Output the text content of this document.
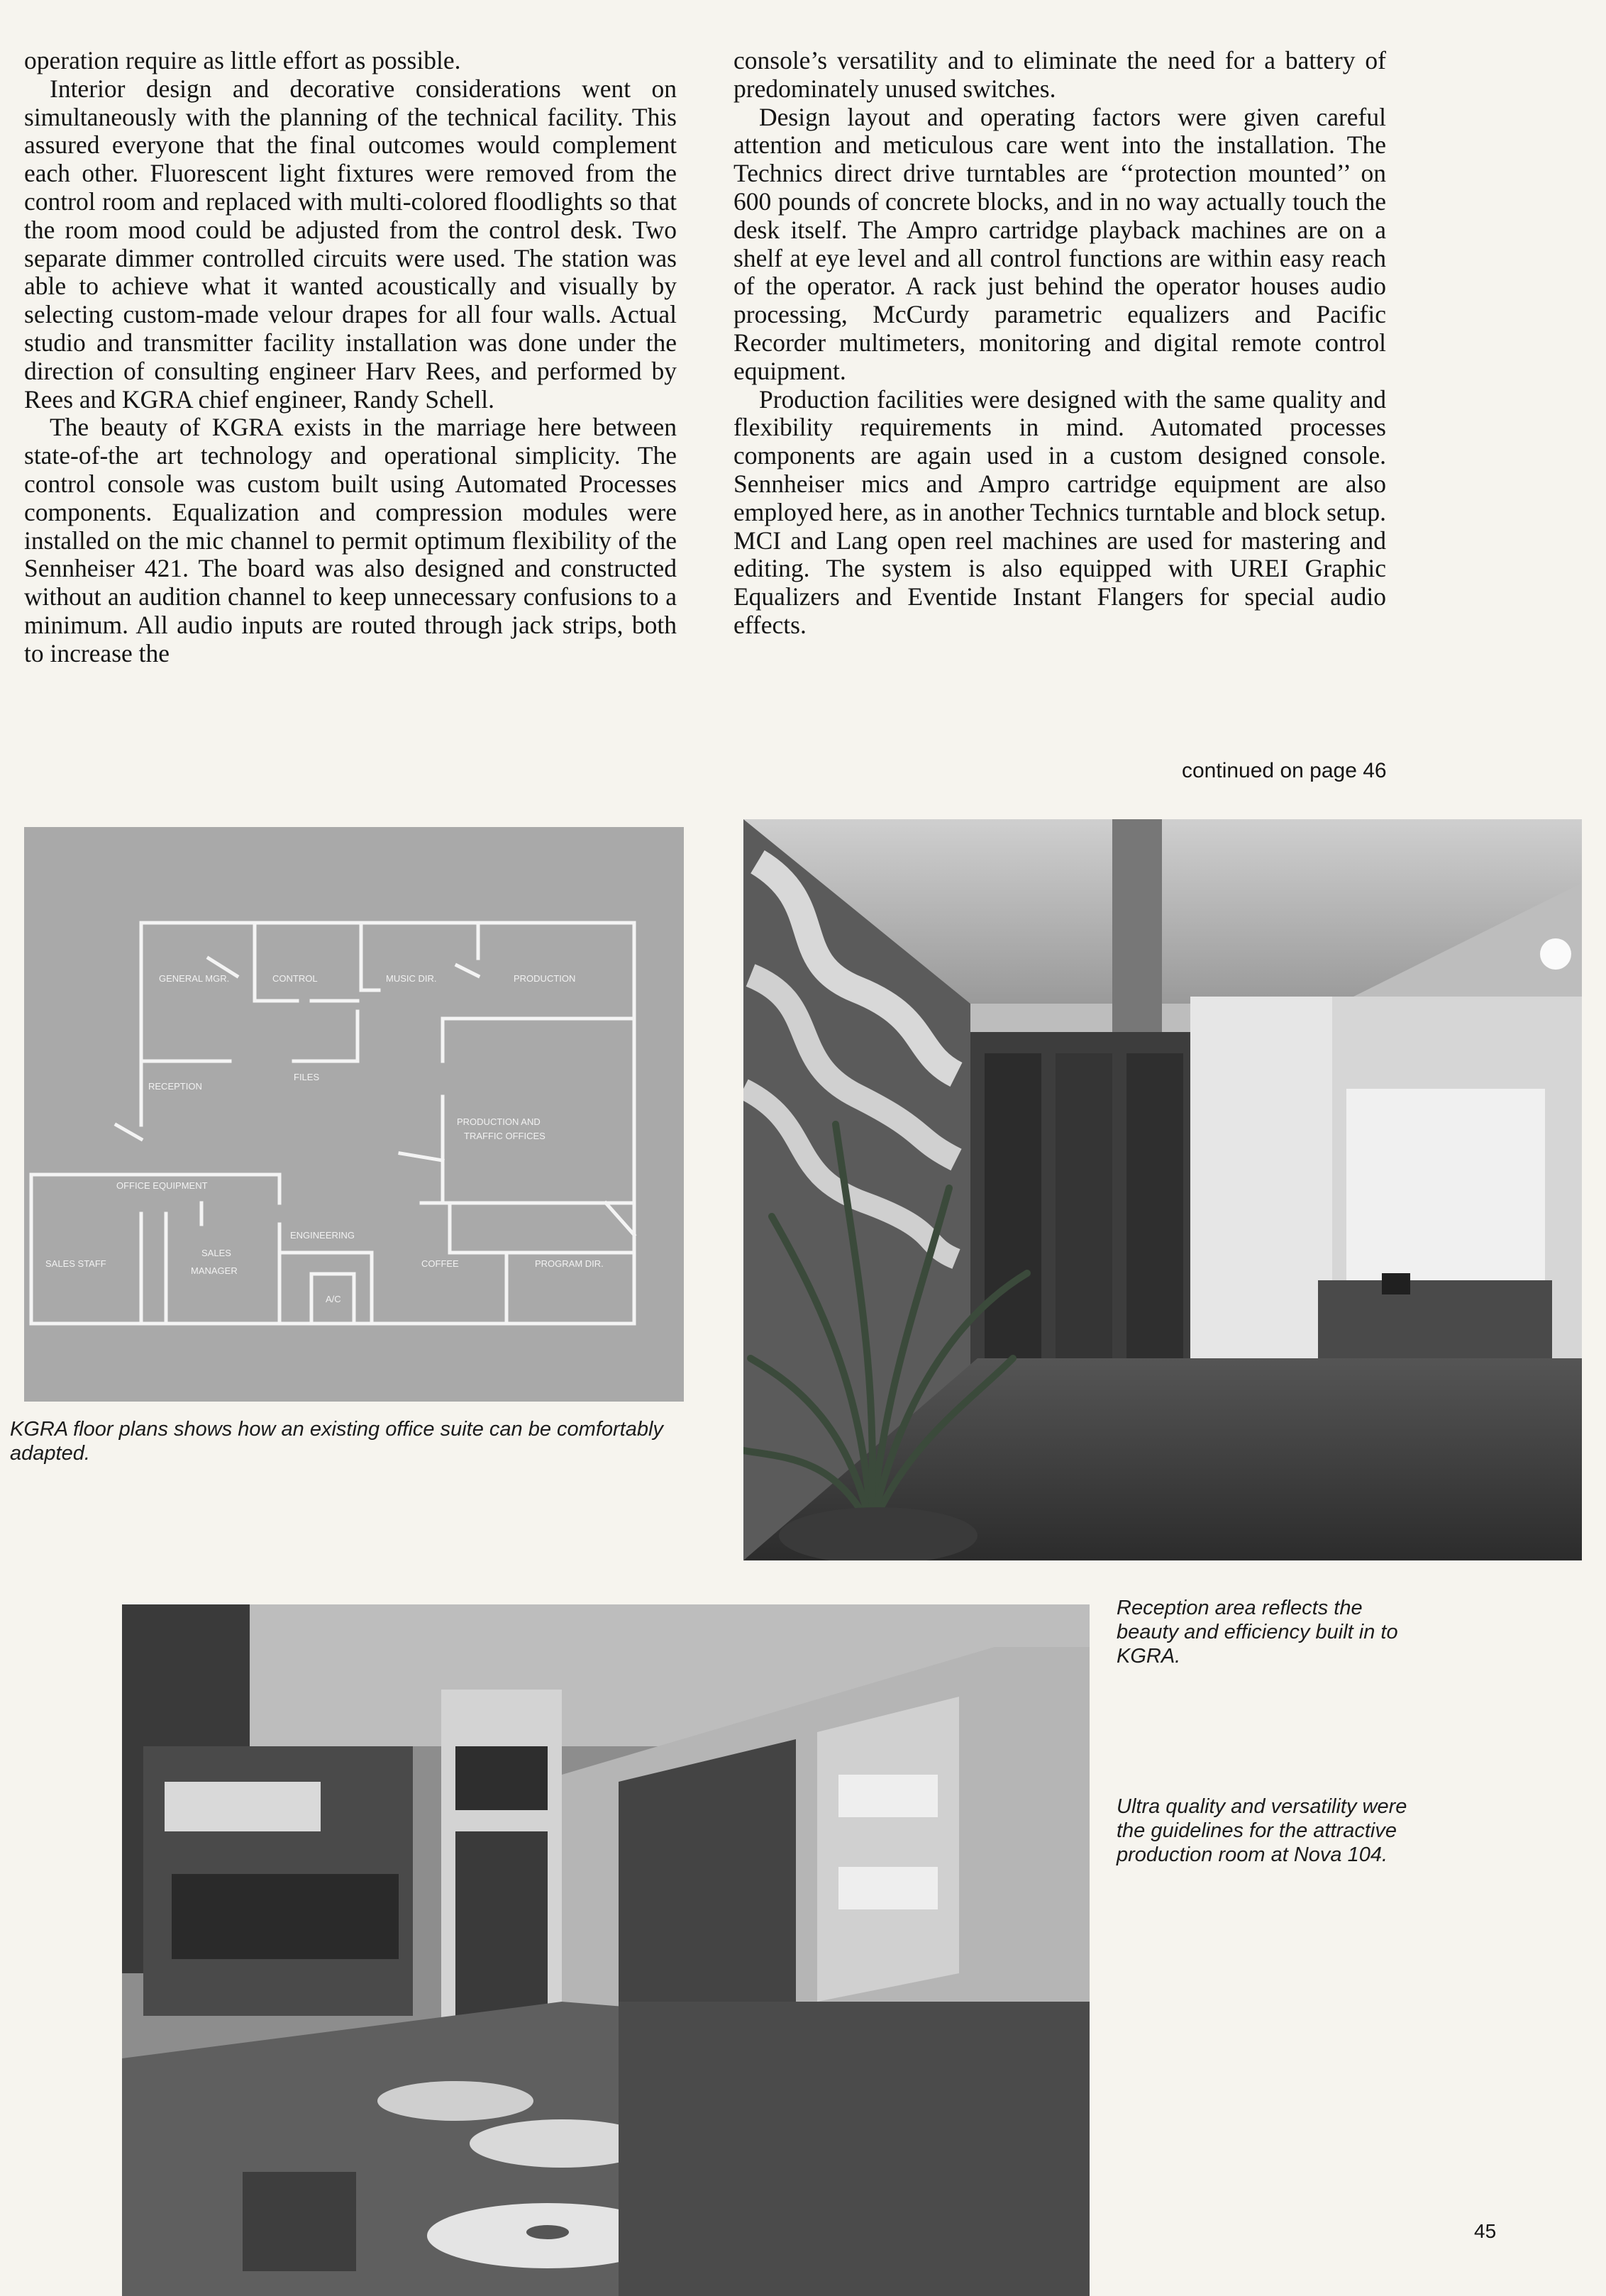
operation require as little effort as possible.

Interior design and decorative considerations went on simultaneously with the planning of the technical facility. This assured everyone that the final outcomes would complement each other. Fluorescent light fixtures were removed from the control room and replaced with multi-colored floodlights so that the room mood could be adjusted from the control desk. Two separate dimmer controlled circuits were used. The station was able to achieve what it wanted acoustically and visually by selecting custom-made velour drapes for all four walls. Actual studio and transmitter facility installation was done under the direction of consulting engineer Harv Rees, and performed by Rees and KGRA chief engineer, Randy Schell.

The beauty of KGRA exists in the marriage here between state-of-the art technology and operational simplicity. The control console was custom built using Automated Processes components. Equalization and compression modules were installed on the mic channel to permit optimum flexibility of the Sennheiser 421. The board was also designed and constructed without an audition channel to keep unnecessary confusions to a minimum. All audio inputs are routed through jack strips, both to increase the

console’s versatility and to eliminate the need for a battery of predominately unused switches.

Design layout and operating factors were given careful attention and meticulous care went into the installation. The Technics direct drive turntables are ‘‘protection mounted’’ on 600 pounds of concrete blocks, and in no way actually touch the desk itself. The Ampro cartridge playback machines are on a shelf at eye level and all control functions are within easy reach of the operator. A rack just behind the operator houses audio processing, McCurdy parametric equalizers and Pacific Recorder multimeters, monitoring and digital remote control equipment.

Production facilities were designed with the same quality and flexibility requirements in mind. Automated processes components are again used in a custom designed console. Sennheiser mics and Ampro cartridge equipment are also employed here, as in another Technics turntable and block setup. MCI and Lang open reel machines are used for mastering and editing. The system is also equipped with UREI Graphic Equalizers and Eventide Instant Flangers for special audio effects.

continued on page 46
GENERAL MGR.	CONTROL	MUSIC DIR.	PRODUCTION
RECEPTION
FILES
PRODUCTION AND
TRAFFIC OFFICES
OFFICE EQUIPMENT
ENGINEERING
SALES STAFF
SALES
MANAGER
A/C
COFFEE	PROGRAM DIR.
KGRA floor plans shows how an existing office suite can be comfortably adapted.
Reception area reflects the beauty and efficiency built in to KGRA.
Ultra quality and versatility were the guidelines for the attractive production room at Nova 104.
45
